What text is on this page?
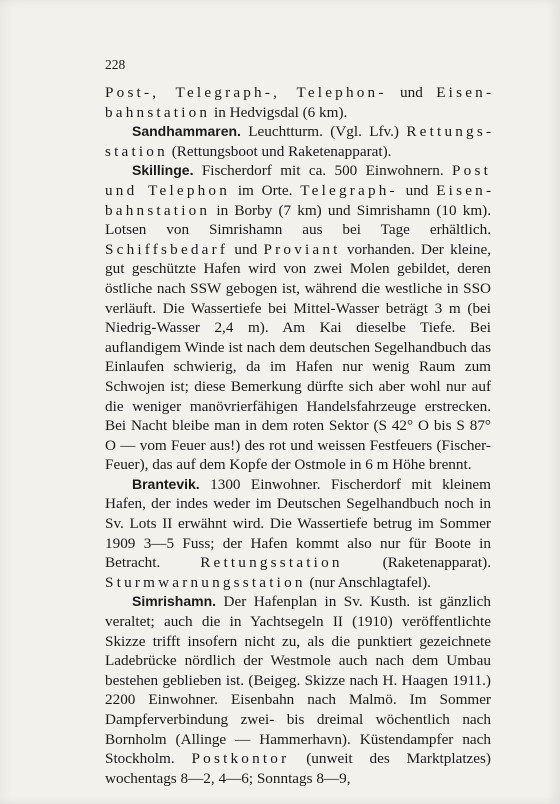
228

Post-, Telegraph-, Telephon- und Eisenbahnstation in Hedvigsdal (6 km).

Sandhammaren. Leuchtturm. (Vgl. Lfv.) Rettungsstation (Rettungsboot und Raketenapparat).

Skillinge. Fischerdorf mit ca. 500 Einwohnern. Post und Telephon im Orte. Telegraph- und Eisenbahnstation in Borby (7 km) und Simrishamn (10 km). Lotsen von Simrishamn aus bei Tage erhältlich. Schiffsbedarf und Proviant vorhanden. Der kleine, gut geschützte Hafen wird von zwei Molen gebildet, deren östliche nach SSW gebogen ist, während die westliche in SSO verläuft. Die Wassertiefe bei Mittel-Wasser beträgt 3 m (bei Niedrig-Wasser 2,4 m). Am Kai dieselbe Tiefe. Bei auflandigem Winde ist nach dem deutschen Segelhandbuch das Einlaufen schwierig, da im Hafen nur wenig Raum zum Schwojen ist; diese Bemerkung dürfte sich aber wohl nur auf die weniger manövrierfähigen Handelsfahrzeuge erstrecken. Bei Nacht bleibe man in dem roten Sektor (S 42° O bis S 87° O — vom Feuer aus!) des rot und weissen Festfeuers (Fischer-Feuer), das auf dem Kopfe der Ostmole in 6 m Höhe brennt.

Brantevik. 1300 Einwohner. Fischerdorf mit kleinem Hafen, der indes weder im Deutschen Segelhandbuch noch in Sv. Lots II erwähnt wird. Die Wassertiefe betrug im Sommer 1909 3—5 Fuss; der Hafen kommt also nur für Boote in Betracht. Rettungsstation (Raketenapparat). Sturmwarnungsstation (nur Anschlagtafel).

Simrishamn. Der Hafenplan in Sv. Kusth. ist gänzlich veraltet; auch die in Yachtsegeln II (1910) veröffentlichte Skizze trifft insofern nicht zu, als die punktiert gezeichnete Ladebrücke nördlich der Westmole auch nach dem Umbau bestehen geblieben ist. (Beigeg. Skizze nach H. Haagen 1911.) 2200 Einwohner. Eisenbahn nach Malmö. Im Sommer Dampferverbindung zwei- bis dreimal wöchentlich nach Bornholm (Allinge — Hammerhavn). Küstendampfer nach Stockholm. Postkontor (unweit des Marktplatzes) wochentags 8—2, 4—6; Sonntags 8—9,
